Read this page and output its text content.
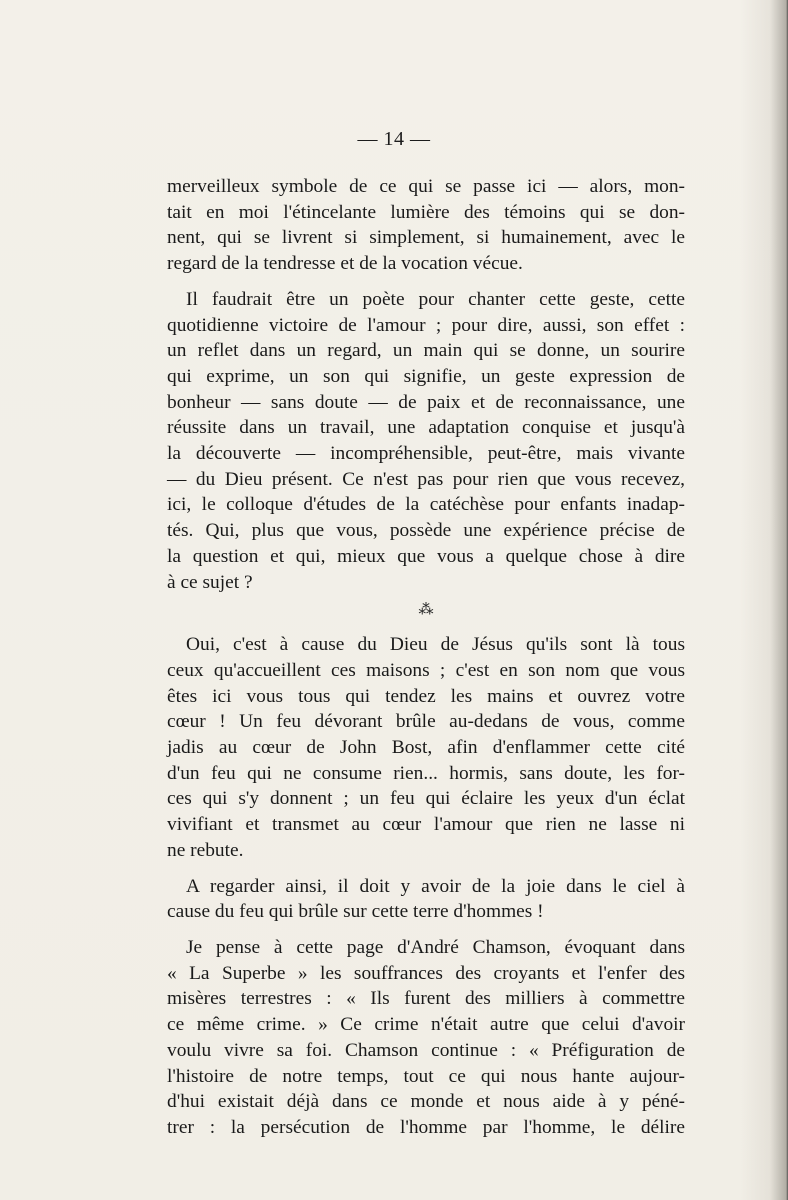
— 14 —

merveilleux symbole de ce qui se passe ici — alors, mon-

tait en moi l'étincelante lumière des témoins qui se don-

nent, qui se livrent si simplement, si humainement, avec le

regard de la tendresse et de la vocation vécue.

Il faudrait être un poète pour chanter cette geste, cette

quotidienne victoire de l'amour ; pour dire, aussi, son effet :

un reflet dans un regard, un main qui se donne, un sourire

qui exprime, un son qui signifie, un geste expression de

bonheur — sans doute — de paix et de reconnaissance, une

réussite dans un travail, une adaptation conquise et jusqu'à

la découverte — incompréhensible, peut-être, mais vivante

— du Dieu présent. Ce n'est pas pour rien que vous recevez,

ici, le colloque d'études de la catéchèse pour enfants inadap-

tés. Qui, plus que vous, possède une expérience précise de

la question et qui, mieux que vous a quelque chose à dire

à ce sujet ?

⁂

Oui, c'est à cause du Dieu de Jésus qu'ils sont là tous

ceux qu'accueillent ces maisons ; c'est en son nom que vous

êtes ici vous tous qui tendez les mains et ouvrez votre

cœur ! Un feu dévorant brûle au-dedans de vous, comme

jadis au cœur de John Bost, afin d'enflammer cette cité

d'un feu qui ne consume rien... hormis, sans doute, les for-

ces qui s'y donnent ; un feu qui éclaire les yeux d'un éclat

vivifiant et transmet au cœur l'amour que rien ne lasse ni

ne rebute.

A regarder ainsi, il doit y avoir de la joie dans le ciel à

cause du feu qui brûle sur cette terre d'hommes !

Je pense à cette page d'André Chamson, évoquant dans

« La Superbe » les souffrances des croyants et l'enfer des

misères terrestres : « Ils furent des milliers à commettre

ce même crime. » Ce crime n'était autre que celui d'avoir

voulu vivre sa foi. Chamson continue : « Préfiguration de

l'histoire de notre temps, tout ce qui nous hante aujour-

d'hui existait déjà dans ce monde et nous aide à y péné-

trer : la persécution de l'homme par l'homme, le délire
